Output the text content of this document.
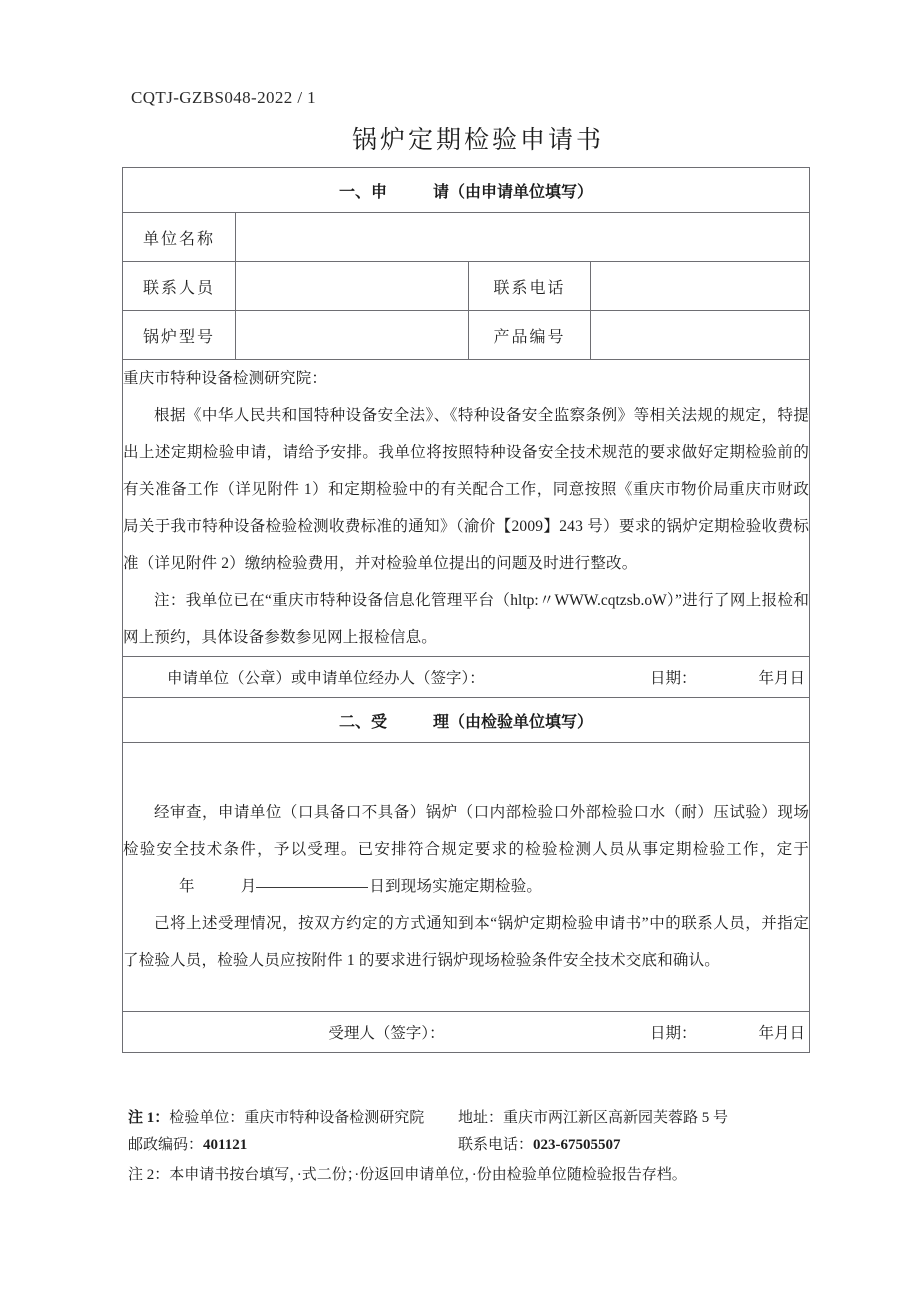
CQTJ-GZBS048-2022 / 1
锅炉定期检验申请书
一、申 请（由申请单位填写）			
单位名称			
联系人员		联系电话	
锅炉型号		产品编号	

重庆市特种设备检测研究院：

根据《中华人民共和国特种设备安全法》、《特种设备安全监察条例》等相关法规的规定，特提出上述定期检验申请，请给予安排。我单位将按照特种设备安全技术规范的要求做好定期检验前的有关准备工作（详见附件 1）和定期检验中的有关配合工作，同意按照《重庆市物价局重庆市财政局关于我市特种设备检验检测收费标准的通知》（渝价【2009】243 号）要求的锅炉定期检验收费标准（详见附件 2）缴纳检验费用，并对检验单位提出的问题及时进行整改。

注：我单位已在“重庆市特种设备信息化管理平台（hltp:〃WWW.cqtzsb.oW）”进行了网上报检和网上预约，具体设备参数参见网上报检信息。			

申请单位（公章）或申请单位经办人（签字）： 日期： 年月日			

二、受 理（由检验单位填写）			

经审查，申请单位（口具备口不具备）锅炉（口内部检验口外部检验口水（耐）压试验）现场检验安全技术条件，予以受理。已安排符合规定要求的检验检测人员从事定期检验工作，定于年 月 日到现场实施定期检验。

己将上述受理情况，按双方约定的方式通知到本“锅炉定期检验申请书”中的联系人员，并指定了检验人员，检验人员应按附件 1 的要求进行锅炉现场检验条件安全技术交底和确认。			

受理人（签字）： 日期： 年月日			
注 1：检验单位：重庆市特种设备检测研究院	地址：重庆市两江新区高新园芙蓉路 5 号
邮政编码：401121	联系电话：023-67505507
注 2：本申请书按台填写，·式二份；·份返回申请单位，·份由检验单位随检验报告存档。
